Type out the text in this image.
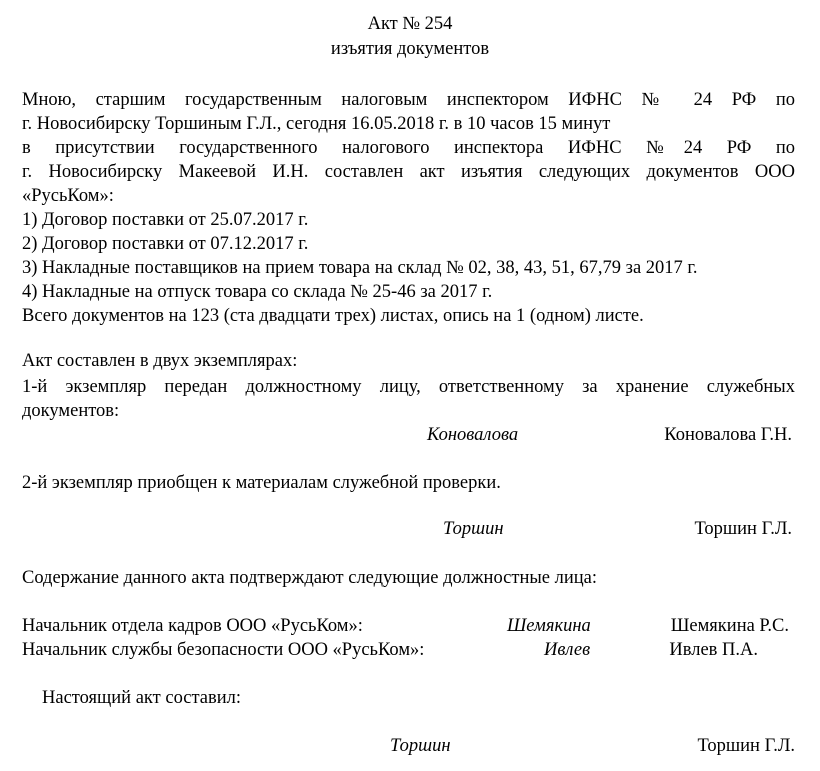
Акт № 254
изъятия документов
Мною, старшим государственным налоговым инспектором ИФНС № 24 РФ по
г. Новосибирску Торшиным Г.Л., сегодня 16.05.2018 г. в 10 часов 15 минут
в присутствии государственного налогового инспектора ИФНС №24 РФ по
г. Новосибирску Макеевой И.Н. составлен акт изъятия следующих документов ООО
«РусьКом»:
1) Договор поставки от 25.07.2017 г.
2) Договор поставки от 07.12.2017 г.
3) Накладные поставщиков на прием товара на склад № 02, 38, 43, 51, 67,79 за 2017 г.
4) Накладные на отпуск товара со склада № 25-46 за 2017 г.
Всего документов на 123 (ста двадцати трех) листах, опись на 1 (одном) листе.
Акт составлен в двух экземплярах:
1-й экземпляр передан должностному лицу, ответственному за хранение служебных
документов:
Коновалова	Коновалова Г.Н.
2-й экземпляр приобщен к материалам служебной проверки.
Торшин	Торшин Г.Л.
Содержание данного акта подтверждают следующие должностные лица:
Начальник отдела кадров ООО «РусьКом»:	Шемякина	Шемякина Р.С.
Начальник службы безопасности ООО «РусьКом»:	Ивлев	Ивлев П.А.
Настоящий акт составил:
Торшин	Торшин Г.Л.
